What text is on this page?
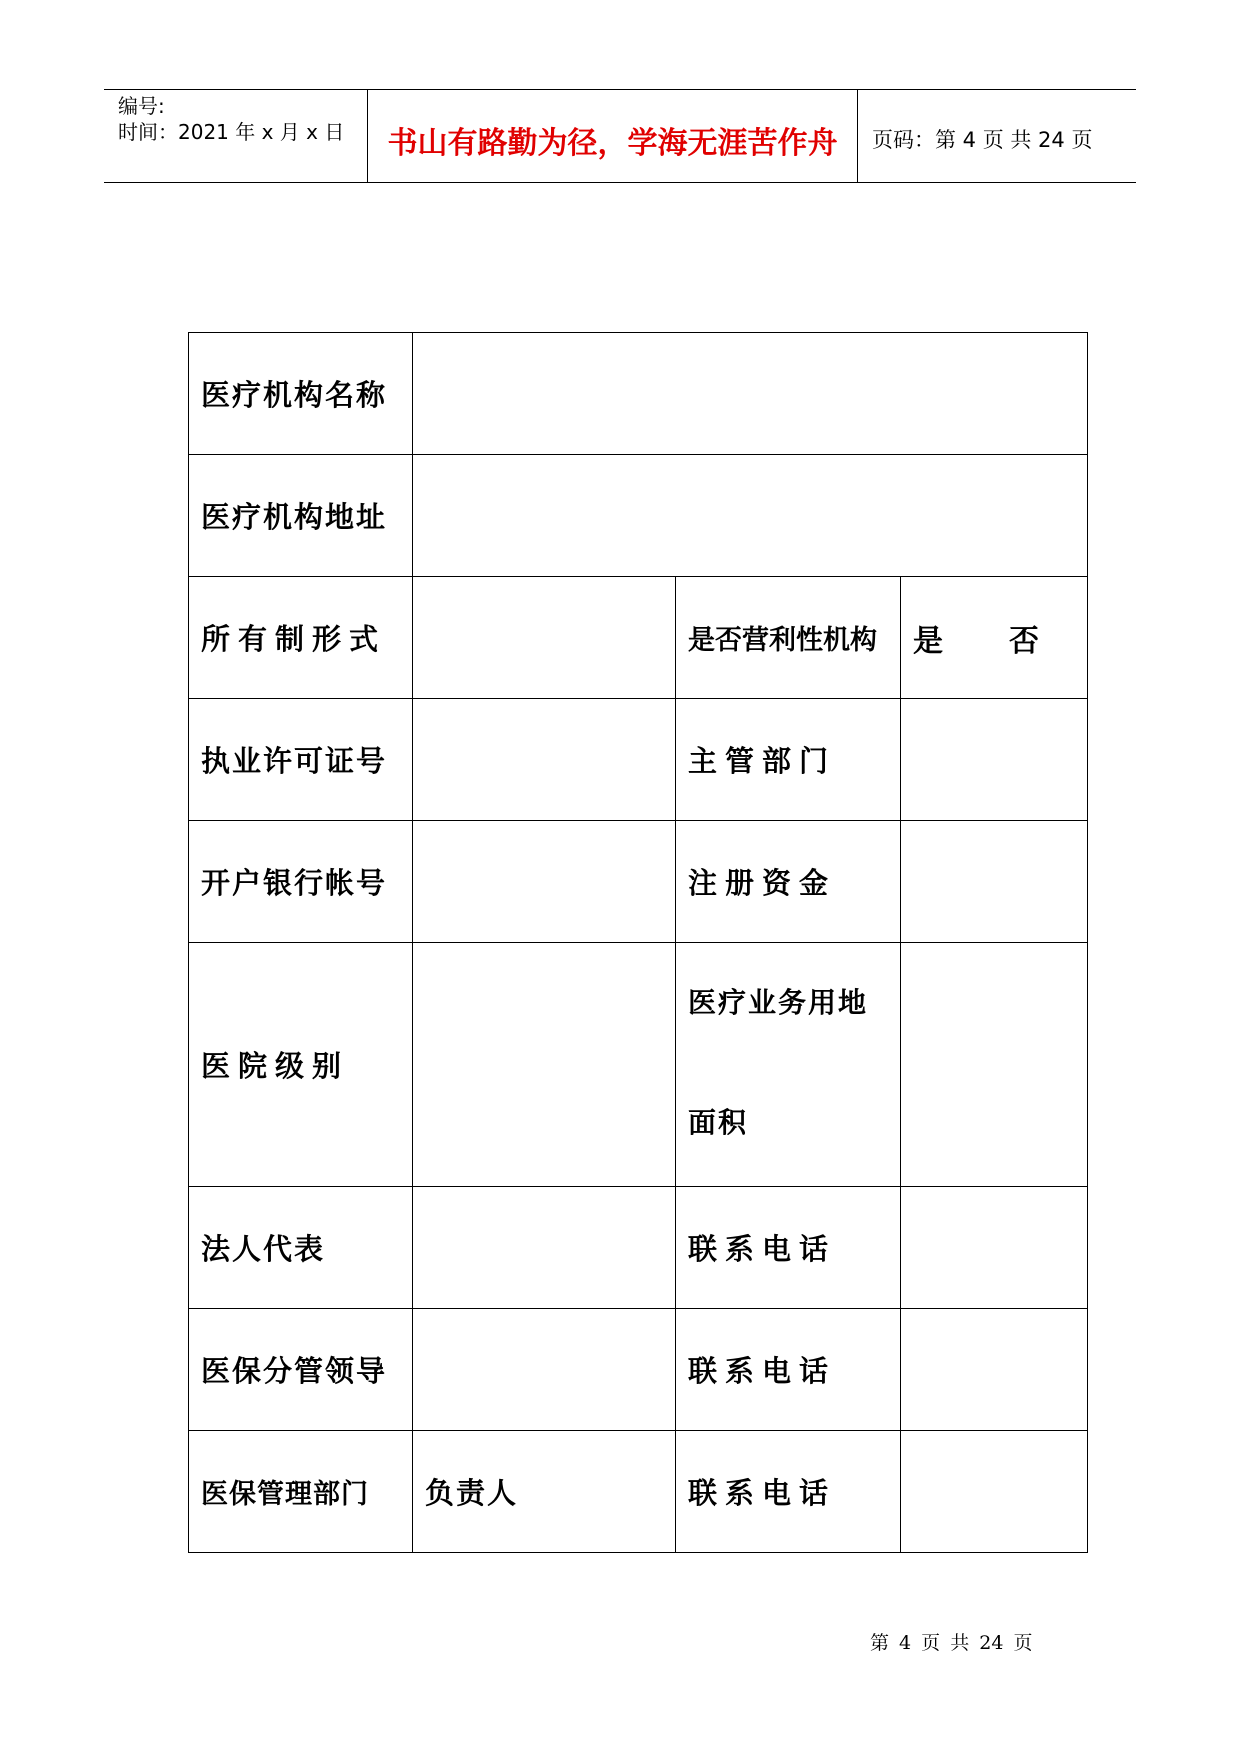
编号:
时间：2021 年 x 月 x 日	书山有路勤为径，学海无涯苦作舟	页码：第 4 页 共 24 页
医疗机构名称			
医疗机构地址			
所有制形式		是否营利性机构	是 否

执业许可证号		主管部门	
开户银行帐号		注册资金	
医院级别		医疗业务用地面积	

法人代表		联系电话	
医保分管领导		联系电话	
医保管理部门	负责人	联系电话	
第 4 页 共 24 页
